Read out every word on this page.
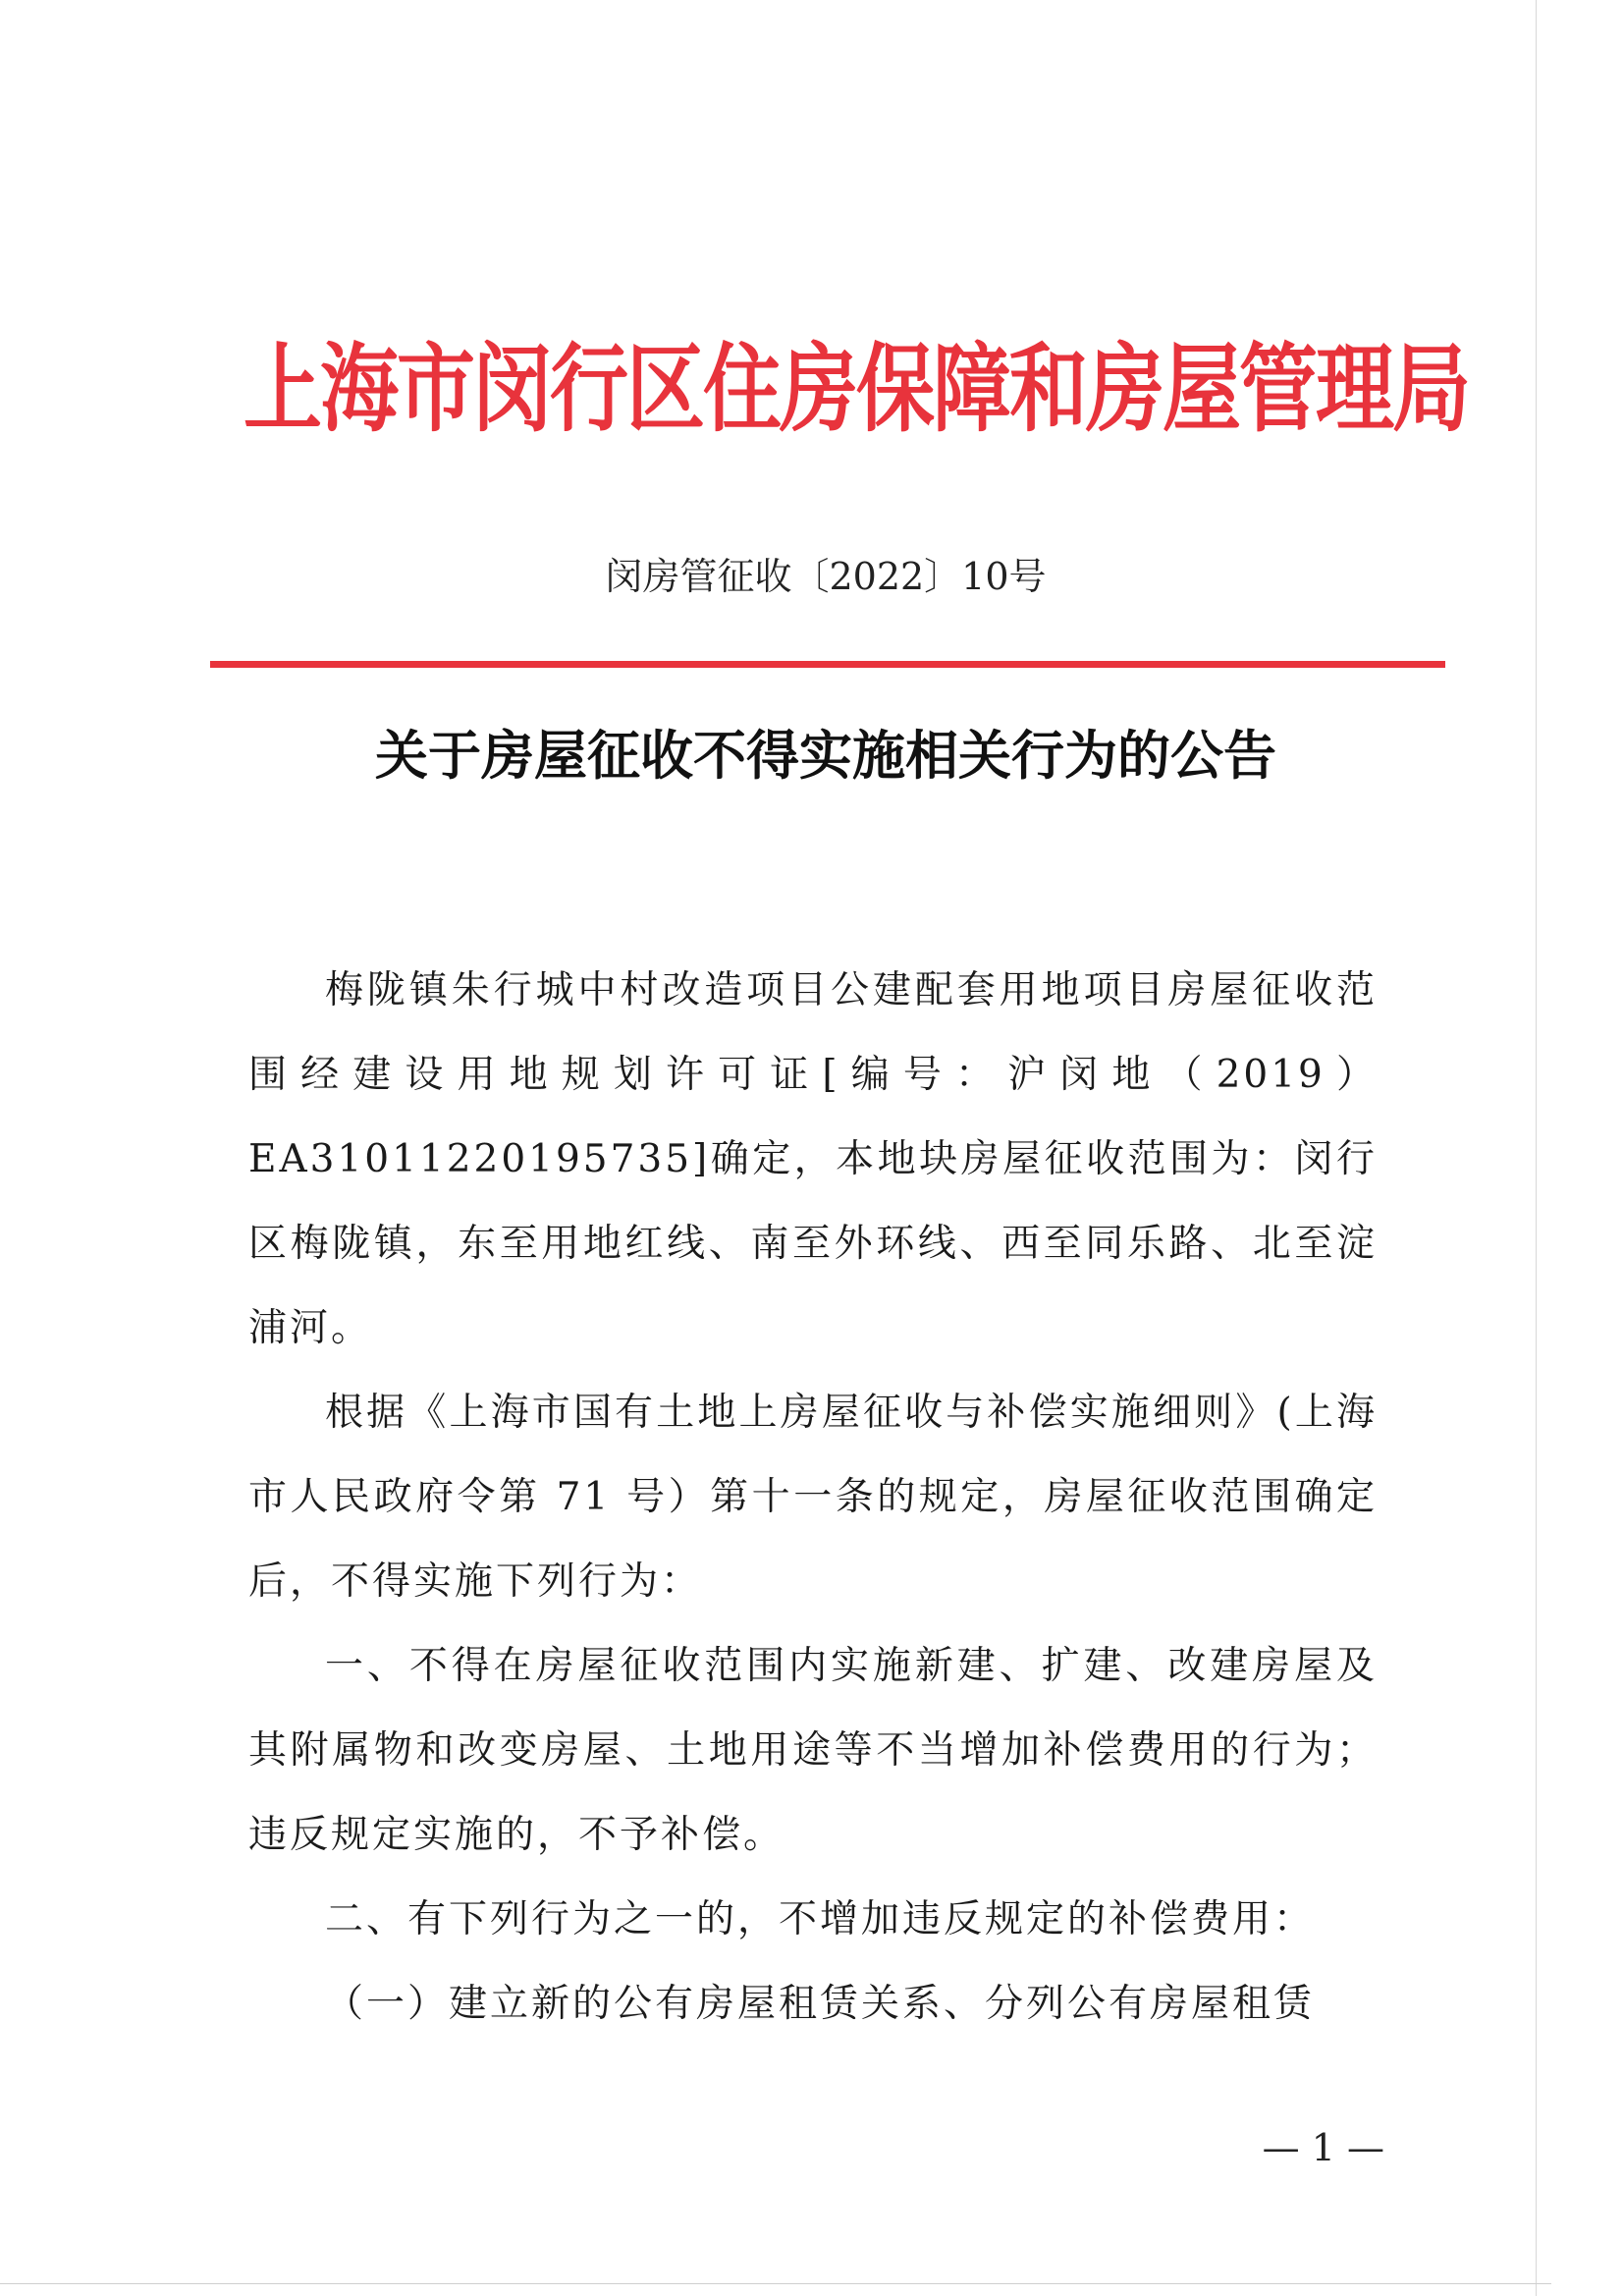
上海市闵行区住房保障和房屋管理局
闵房管征收〔2022〕10号
关于房屋征收不得实施相关行为的公告

梅陇镇朱行城中村改造项目公建配套用地项目房屋征收范围经建设用地规划许可证[编号：沪闵地（2019）EA31011220195735]确定，本地块房屋征收范围为：闵行区梅陇镇，东至用地红线、南至外环线、西至同乐路、北至淀浦河。

根据《上海市国有土地上房屋征收与补偿实施细则》(上海市人民政府令第 71 号）第十一条的规定，房屋征收范围确定后，不得实施下列行为：

一、不得在房屋征收范围内实施新建、扩建、改建房屋及其附属物和改变房屋、土地用途等不当增加补偿费用的行为；违反规定实施的，不予补偿。

二、有下列行为之一的，不增加违反规定的补偿费用：

（一）建立新的公有房屋租赁关系、分列公有房屋租赁

— 1 —
